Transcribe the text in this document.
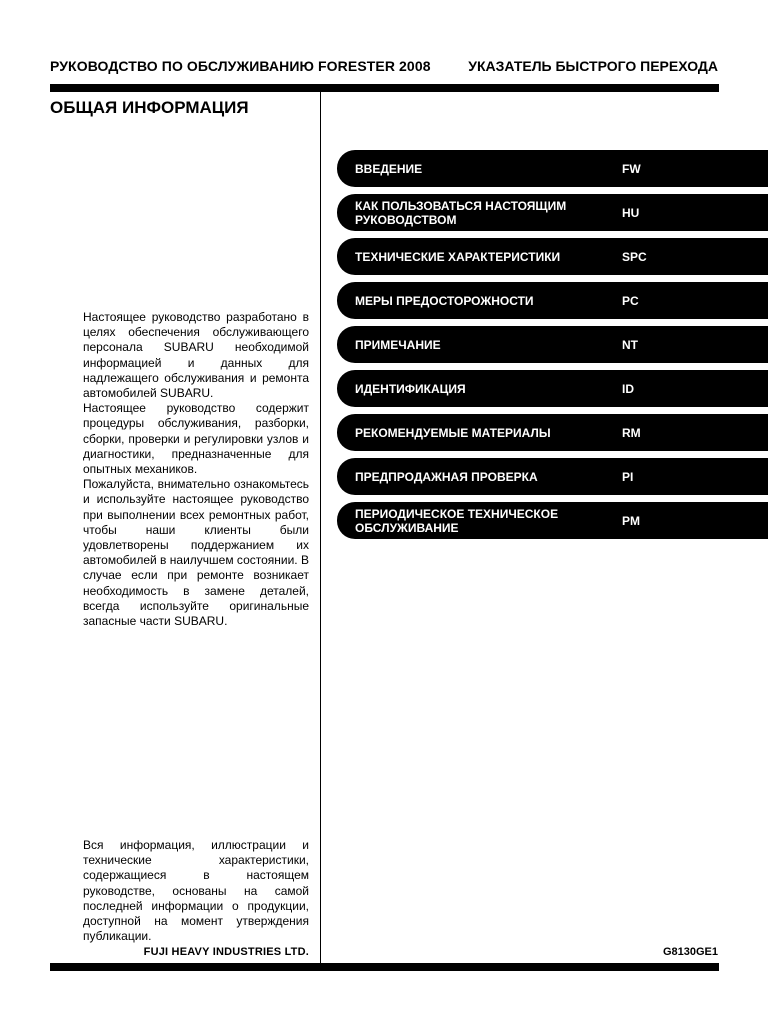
РУКОВОДСТВО ПО ОБСЛУЖИВАНИЮ FORESTER 2008	УКАЗАТЕЛЬ БЫСТРОГО ПЕРЕХОДА
ОБЩАЯ ИНФОРМАЦИЯ

Настоящее руководство разработано в целях обеспечения обслуживающего персонала SUBARU необходимой информацией и данных для надлежащего обслуживания и ремонта автомобилей SUBARU.

Настоящее руководство содержит процедуры обслуживания, разборки, сборки, проверки и регулировки узлов и диагностики, предназначенные для опытных механиков.

Пожалуйста, внимательно ознакомьтесь и используйте настоящее руководство при выполнении всех ремонтных работ, чтобы наши клиенты были удовлетворены поддержанием их автомобилей в наилучшем состоянии. В случае если при ремонте возникает необходимость в замене деталей, всегда используйте оригинальные запасные части SUBARU.

ВВЕДЕНИЕ	FW
КАК ПОЛЬЗОВАТЬСЯ НАСТОЯЩИМ РУКОВОДСТВОМ	HU
ТЕХНИЧЕСКИЕ ХАРАКТЕРИСТИКИ	SPC
МЕРЫ ПРЕДОСТОРОЖНОСТИ	PC
ПРИМЕЧАНИЕ	NT
ИДЕНТИФИКАЦИЯ	ID
РЕКОМЕНДУЕМЫЕ МАТЕРИАЛЫ	RM
ПРЕДПРОДАЖНАЯ ПРОВЕРКА	PI
ПЕРИОДИЧЕСКОЕ ТЕХНИЧЕСКОЕ ОБСЛУЖИВАНИЕ	PM

Вся информация, иллюстрации и технические характеристики, содержащиеся в настоящем руководстве, основаны на самой последней информации о продукции, доступной на момент утверждения публикации.

FUJI HEAVY INDUSTRIES LTD.	G8130GE1
